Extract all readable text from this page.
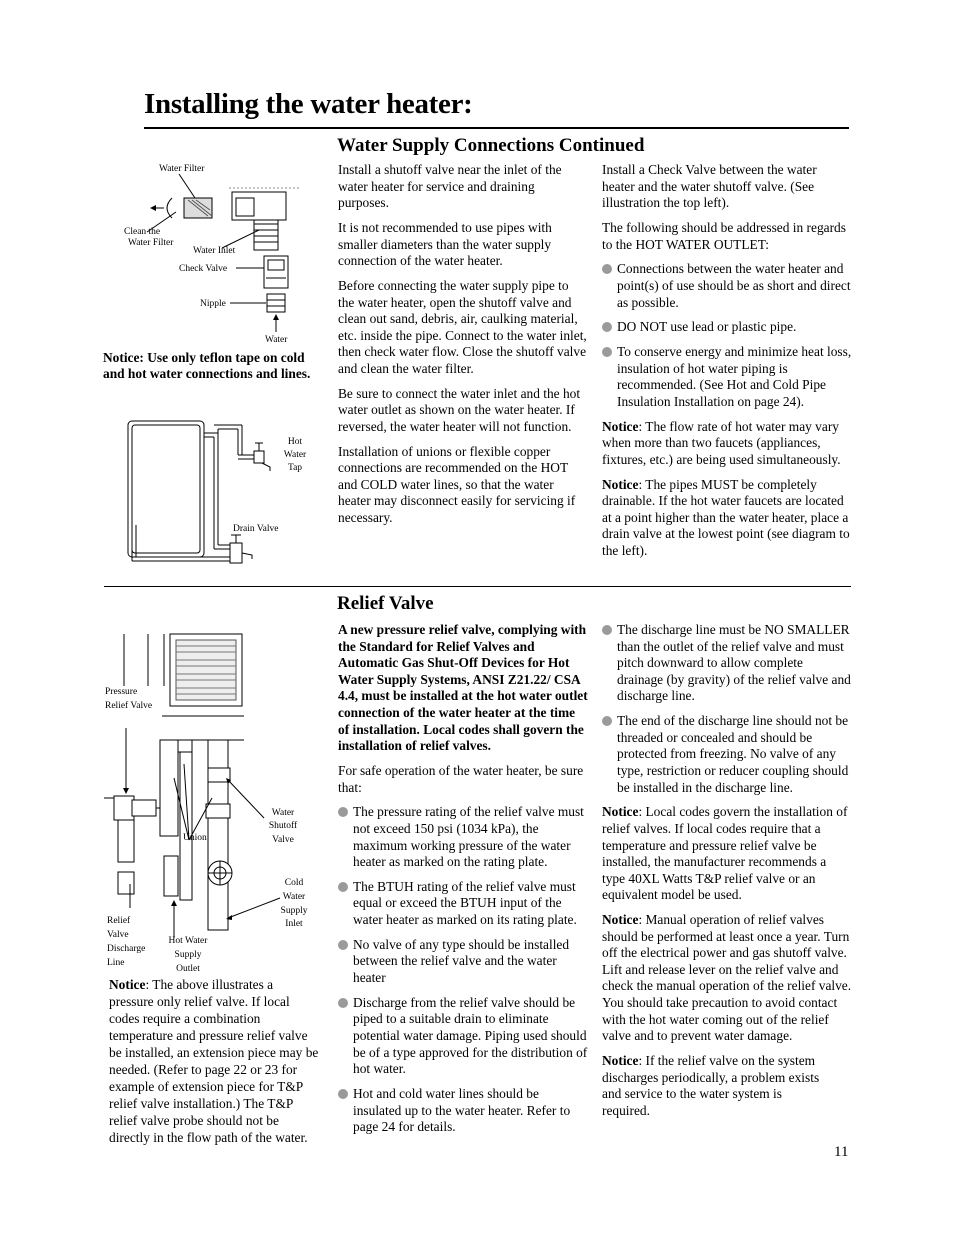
Installing the water heater:
Water Supply Connections Continued
Water Filter
Clean the
Water Filter
Water Inlet
Check Valve
Nipple
Water
Notice: Use only teflon tape on cold and hot water connections and lines.
Hot
Water
Tap
Drain Valve

Install a shutoff valve near the inlet of the water heater for service and draining purposes.

It is not recommended to use pipes with smaller diameters than the water supply connection of the water heater.

Before connecting the water supply pipe to the water heater, open the shutoff valve and clean out sand, debris, air, caulking material, etc. inside the pipe. Connect to the water inlet, then check water flow. Close the shutoff valve and clean the water filter.

Be sure to connect the water inlet and the hot water outlet as shown on the water heater. If reversed, the water heater will not function.

Installation of unions or flexible copper connections are recommended on the HOT and COLD water lines, so that the water heater may disconnect easily for servicing if necessary.

Install a Check Valve between the water heater and the water shutoff valve. (See illustration the top left).

The following should be addressed in regards to the HOT WATER OUTLET:

Connections between the water heater and point(s) of use should be as short and direct as possible.
DO NOT use lead or plastic pipe.
To conserve energy and minimize heat loss, insulation of hot water piping is recommended. (See Hot and Cold Pipe Insulation Installation on page 24).

Notice: The flow rate of hot water may vary when more than two faucets (appliances, fixtures, etc.) are being used simultaneously.

Notice: The pipes MUST be completely drainable. If the hot water faucets are located at a point higher than the water heater, place a drain valve at the lowest point (see diagram to the left).

Relief Valve
Pressure
Relief Valve
Union
Water
Shutoff
Valve
Cold
Water
Supply
Inlet
Relief
Valve
Discharge
Line
Hot Water
Supply
Outlet
Notice: The above illustrates a pressure only relief valve. If local codes require a combination temperature and pressure relief valve be installed, an extension piece may be needed. (Refer to page 22 or 23 for example of extension piece for T&P relief valve installation.) The T&P relief valve probe should not be directly in the flow path of the water.

A new pressure relief valve, complying with the Standard for Relief Valves and Automatic Gas Shut-Off Devices for Hot Water Supply Systems, ANSI Z21.22/ CSA 4.4, must be installed at the hot water outlet connection of the water heater at the time of installation. Local codes shall govern the installation of relief valves.

For safe operation of the water heater, be sure that:

The pressure rating of the relief valve must not exceed 150 psi (1034 kPa), the maximum working pressure of the water heater as marked on the rating plate.
The BTUH rating of the relief valve must equal or exceed the BTUH input of the water heater as marked on its rating plate.
No valve of any type should be installed between the relief valve and the water heater
Discharge from the relief valve should be piped to a suitable drain to eliminate potential water damage. Piping used should be of a type approved for the distribution of hot water.
Hot and cold water lines should be insulated up to the water heater. Refer to page 24 for details.
The discharge line must be NO SMALLER than the outlet of the relief valve and must pitch downward to allow complete drainage (by gravity) of the relief valve and discharge line.
The end of the discharge line should not be threaded or concealed and should be protected from freezing. No valve of any type, restriction or reducer coupling should be installed in the discharge line.

Notice: Local codes govern the installation of relief valves. If local codes require that a temperature and pressure relief valve be installed, the manufacturer recommends a type 40XL Watts T&P relief valve or an equivalent model be used.

Notice: Manual operation of relief valves should be performed at least once a year. Turn off the electrical power and gas shutoff valve. Lift and release lever on the relief valve and check the manual operation of the relief valve. You should take precaution to avoid contact with the hot water coming out of the relief valve and to prevent water damage.

Notice: If the relief valve on the system discharges periodically, a problem exists and service to the water system is required.

11
